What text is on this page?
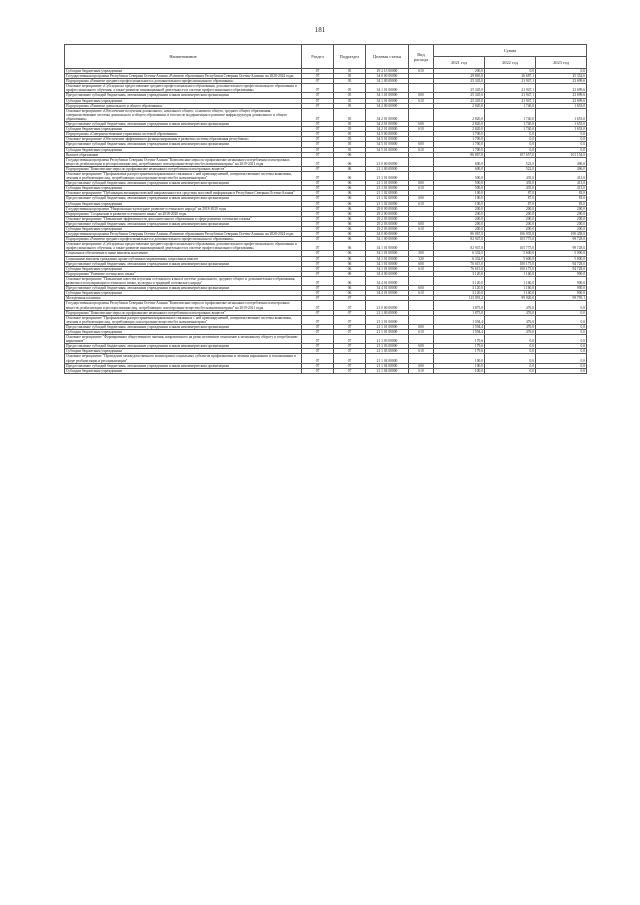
181
Наименование	Раздел	Подраздел	Целевая статья	Вид расхода	Сумма		
					2021 год	2022 год	2023 год
Субсидии бюджетным учреждениям	07	05	29 2 15 00000	610	200,0	0,0	0,0
Государственная программа Республики Северная Осетия-Алания «Развитие образования Республики Северная Осетия-Алания» на 2020-2024 годы	07	05	34 0 00 00000		29 865,0	26 687,1	25 352,6
Подпрограмма «Развитие среднего профессионального и дополнительного профессионального образования»	07	05	34 1 00 00000		25 345,0	21 947,1	23 699,6
Основное мероприятие «Субсидии на предоставление среднего профессионального образования, дополнительного профессионального образования и профессионального обучения, а также развитие инновационной деятельности в системе профессионального образования»	07	05	34 1 01 00000		25 345,0	21 947,1	23 699,6
Предоставление субсидий бюджетным, автономным учреждениям и иным некоммерческим организациям	07	05	34 1 01 00000	600	25 345,0	21 947,1	23 699,6
Субсидии бюджетным учреждениям	07	05	34 1 01 00000	610	25 345,0	21 947,1	23 699,6
Подпрограмма «Развитие дошкольного и общего образования»	07	05	34 2 00 00000		2 820,0	1 740,0	1 653,0
Основное мероприятие «Обеспечение получения дошкольного, начального общего, основного общего, среднего общего образования, совершенствование системы дошкольного и общего образования, в том числе модернизация и развитие инфраструктуры дошкольного и общего образования»	07	05	34 2 01 00000		2 820,0	1 740,0	1 653,0
Предоставление субсидий бюджетным, автономным учреждениям и иным некоммерческим организациям	07	05	34 2 01 00000	600	2 820,0	1 740,0	1 653,0
Субсидии бюджетным учреждениям	07	05	34 2 01 00000	610	2 820,0	1 740,0	1 653,0
Подпрограмма «Совершенствование управления системой образования»	07	05	34 5 00 00000		1 700,0	0,0	0,0
Основное мероприятие «Обеспечение эффективного функционирования и развития системы образования республики»	07	05	34 5 01 00000		1 700,0	0,0	0,0
Предоставление субсидий бюджетным, автономным учреждениям и иным некоммерческим организациям	07	05	34 5 01 00000	600	1 700,0	0,0	0,0
Субсидии бюджетным учреждениям	07	05	34 5 01 00000	610	1 700,0	0,0	0,0
Высшее образование	07	06			86 867,0	107 657,0	101 154,0
Государственная программа Республики Северная Осетия-Алания "Комплексные меры по профилактике незаконного потребления психотропных веществ, реабилитации и ресоциализации лиц, потребляющих психотропные вещества без назначения врача" на 2019-2021 годы	07	06	21 0 00 00000		600,0	522,0	496,0
Подпрограмма "Комплексные меры по профилактике незаконного потребления психотропных веществ"	07	06	21 1 00 00000		600,0	522,0	496,0
Основное мероприятие "Профилактика распространения наркомании и связанных с ней правонарушений, совершенствование системы выявления, лечения и реабилитации лиц, потребляющих психотропные вещества без назначения врача"	07	06	21 1 01 00000		500,0	435,0	413,0
Предоставление субсидий бюджетным, автономным учреждениям и иным некоммерческим организациям	07	06	21 1 01 00000	600	500,0	435,0	413,0
Субсидии бюджетным учреждениям	07	06	21 1 01 00000	610	500,0	435,0	413,0
Основное мероприятие "Публикация антинаркотической направленности в средствах массовой информации в Республике Северная Осетия-Алания"	07	06	21 1 02 00000		100,0	87,0	83,0
Предоставление субсидий бюджетным, автономным учреждениям и иным некоммерческим организациям	07	06	21 1 02 00000	600	100,0	87,0	83,0
Субсидии бюджетным учреждениям	07	06	21 1 02 00000	610	100,0	87,0	83,0
Государственная программа "Национально-культурное развитие осетинского народа" на 2018-2020 годы	07	06	29 0 00 00000		200,0	200,0	200,0
Подпрограмма "Сохранение и развитие осетинского языка" на 2018-2020 годы	07	06	29 2 00 00000		200,0	200,0	200,0
Основное мероприятие "Повышение эффективности дополнительного образования в сфере развития осетинского языка"	07	06	29 2 03 00000		200,0	200,0	200,0
Предоставление субсидий бюджетным, автономным учреждениям и иным некоммерческим организациям	07	06	29 2 03 00000	600	200,0	200,0	200,0
Субсидии бюджетным учреждениям	07	06	29 2 03 00000	610	200,0	200,0	200,0
Государственная программа Республики Северная Осетия-Алания «Развитие образования Республики Северная Осетия-Алания» на 2020-2024 годы	07	06	34 0 00 00000		86 067,0	106 935,0	100 458,0
Подпрограмма «Развитие среднего профессионального и дополнительного профессионального образования»	07	06	34 1 00 00000		82 947,0	105 775,0	99 728,0
Основное мероприятие «Субсидии на предоставление среднего профессионального образования, дополнительного профессионального образования и профессионального обучения, а также развитие инновационной деятельности в системе профессионального образования»	07	06	34 1 01 00000		82 947,0	105 775,0	99 728,0
Социальное обеспечение и иные выплаты населению	07	06	34 1 01 00000	300	6 332,0	5 600,0	5 000,0
Социальные выплаты гражданам, кроме публичных нормативных социальных выплат	07	06	34 1 01 00000	320	6 332,0	5 600,0	5 000,0
Предоставление субсидий бюджетным, автономным учреждениям и иным некоммерческим организациям	07	06	34 1 01 00000	600	76 615,0	100 175,0	94 728,0
Субсидии бюджетным учреждениям	07	06	34 1 01 00000	610	76 615,0	100 175,0	94 728,0
Подпрограмма "Развитие осетинского языка"	07	06	34 4 00 00000		3 120,0	1 160,0	900,0
Основное мероприятие "Повышение качества изучения осетинского языка в системе дошкольного, среднего общего и дополнительного образования, развития и популяризации осетинского языка, культуры и традиций осетинского народа"	07	06	34 4 01 00000		3 120,0	1 160,0	900,0
Предоставление субсидий бюджетным, автономным учреждениям и иным некоммерческим организациям	07	06	34 4 01 00000	600	3 120,0	1 160,0	900,0
Субсидии бюджетным учреждениям	07	06	34 4 01 00000	610	3 120,0	1 160,0	900,0
Молодежная политика	07	07			113 091,2	99 920,0	99 795,1
Государственная программа Республики Северная Осетия-Алания "Комплексные меры по профилактике незаконного потребления психотропных веществ, реабилитации и ресоциализации лиц, потребляющих психотропные вещества без назначения врача" на 2019-2021 годы	07	07	21 0 00 00000		1 875,0	476,0	0,0
Подпрограмма "Комплексные меры по профилактике незаконного потребления психотропных веществ"	07	07	21 1 00 00000		1 875,0	476,0	0,0
Основное мероприятие "Профилактика распространения наркомании и связанных с ней правонарушений, совершенствование системы выявления, лечения и реабилитации лиц, потребляющих психотропные вещества без назначения врача"	07	07	21 1 01 00000		1 594,4	476,0	0,0
Предоставление субсидий бюджетным, автономным учреждениям и иным некоммерческим организациям	07	07	21 1 01 00000	600	1 594,4	476,0	0,0
Субсидии бюджетным учреждениям	07	07	21 1 01 00000	610	1 594,4	476,0	0,0
Основное мероприятие "Формирование общественного мнения, направленного на резко негативное отношение к незаконному обороту и потреблению наркотиков"	07	07	21 1 03 00000		179,6	0,0	0,0
Предоставление субсидий бюджетным, автономным учреждениям и иным некоммерческим организациям	07	07	21 1 03 00000	600	179,6	0,0	0,0
Субсидии бюджетным учреждениям	07	07	21 1 03 00000	610	179,6	0,0	0,0
Основное мероприятие "Проведение межведомственного мониторинга социальных субъектов профилактики и лечения наркомании и токсикомании в сфере реабилитации и ресоциализации"	07	07	21 1 04 00000		100,0	0,0	0,0
Предоставление субсидий бюджетным, автономным учреждениям и иным некоммерческим организациям	07	07	21 1 04 00000	600	100,0	0,0	0,0
Субсидии бюджетным учреждениям	07	07	21 1 04 00000	610	100,0	0,0	0,0
